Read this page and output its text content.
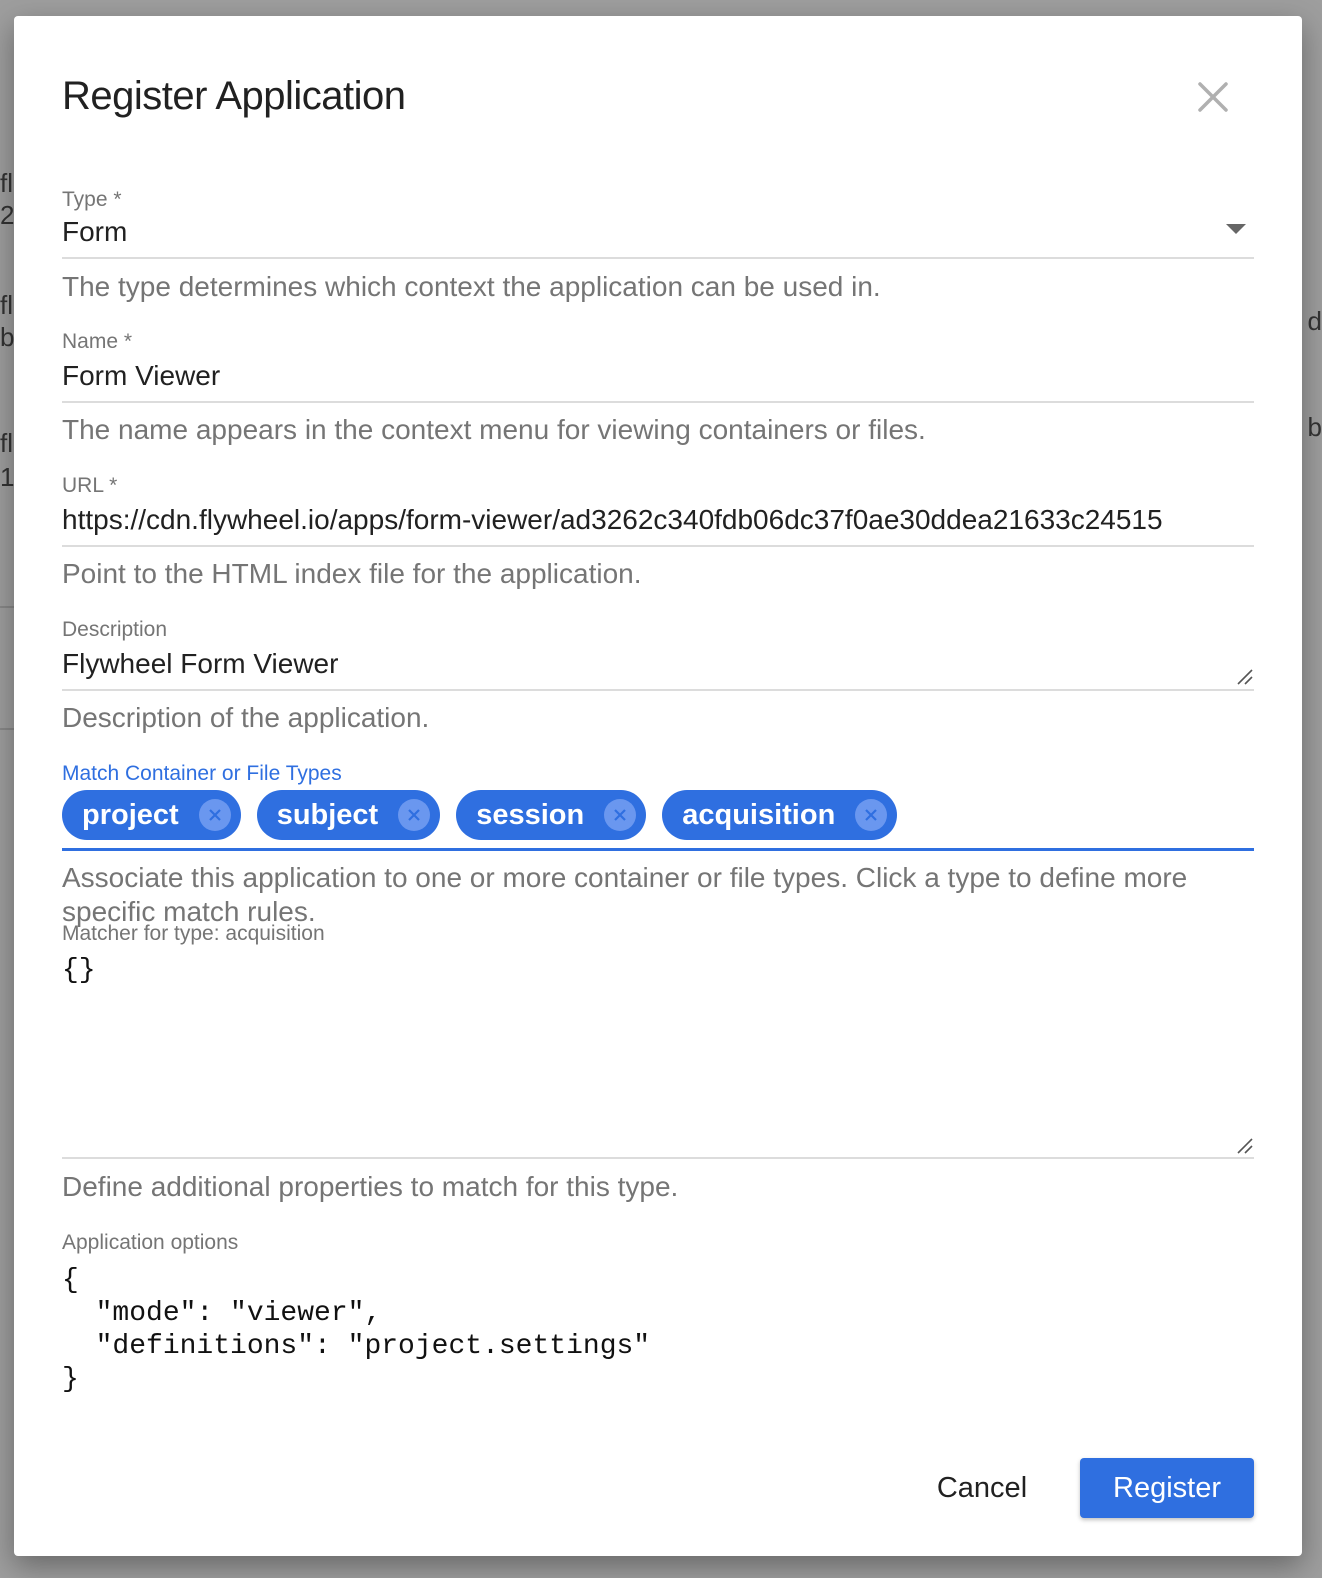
fl
2
fl
b
fl
1
d
b
Register Application
Type *
Form
The type determines which context the application can be used in.
Name *
Form Viewer
The name appears in the context menu for viewing containers or files.
URL *
https://cdn.flywheel.io/apps/form-viewer/ad3262c340fdb06dc37f0ae30ddea21633c24515
Point to the HTML index file for the application.
Description
Flywheel Form Viewer
Description of the application.
Match Container or File Types
project	subject	session	acquisition
Associate this application to one or more container or file types. Click a type to define more specific match rules.
Matcher for type: acquisition
{}
Define additional properties to match for this type.
Application options
{
"mode": "viewer",
"definitions": "project.settings"
}
Cancel	Register
